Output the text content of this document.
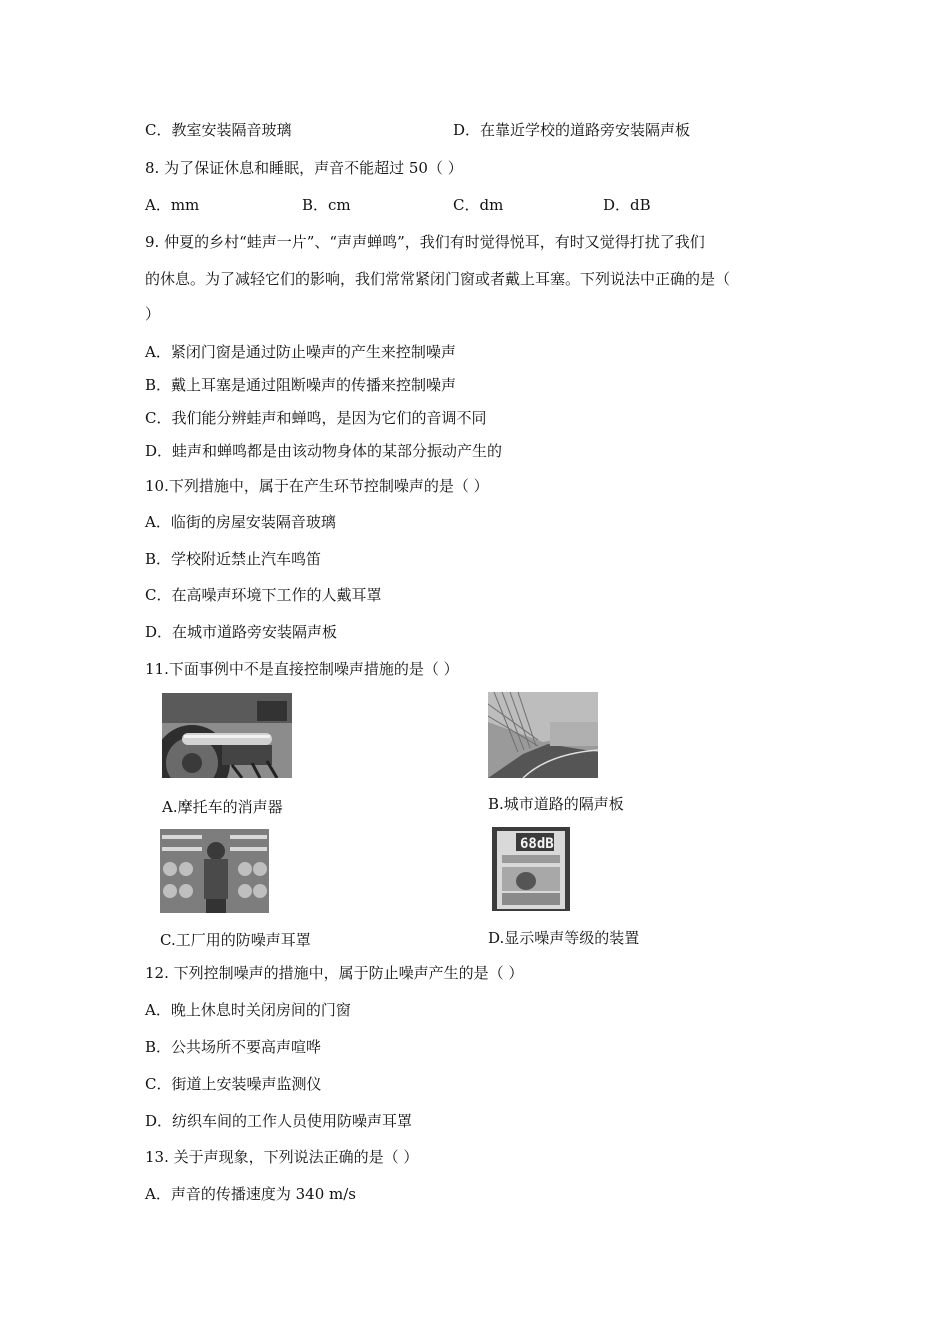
C．教室安装隔音玻璃	D．在靠近学校的道路旁安装隔声板
8. 为了保证休息和睡眠，声音不能超过 50（ ）
A．mm	B．cm	C．dm	D．dB
9. 仲夏的乡村“蛙声一片”、“声声蝉鸣”，我们有时觉得悦耳，有时又觉得打扰了我们
的休息。为了减轻它们的影响，我们常常紧闭门窗或者戴上耳塞。下列说法中正确的是（
）
A．紧闭门窗是通过防止噪声的产生来控制噪声
B．戴上耳塞是通过阻断噪声的传播来控制噪声
C．我们能分辨蛙声和蝉鸣，是因为它们的音调不同
D．蛙声和蝉鸣都是由该动物身体的某部分振动产生的
10.下列措施中，属于在产生环节控制噪声的是（ ）
A．临街的房屋安装隔音玻璃
B．学校附近禁止汽车鸣笛
C．在高噪声环境下工作的人戴耳罩
D．在城市道路旁安装隔声板
11.下面事例中不是直接控制噪声措施的是（ ）
A.摩托车的消声器	B.城市道路的隔声板
C.工厂用的防噪声耳罩
68dB
D.显示噪声等级的装置
12. 下列控制噪声的措施中，属于防止噪声产生的是（ ）
A．晚上休息时关闭房间的门窗
B．公共场所不要高声喧哗
C．街道上安装噪声监测仪
D．纺织车间的工作人员使用防噪声耳罩
13. 关于声现象，下列说法正确的是（ ）
A．声音的传播速度为 340 m/s
